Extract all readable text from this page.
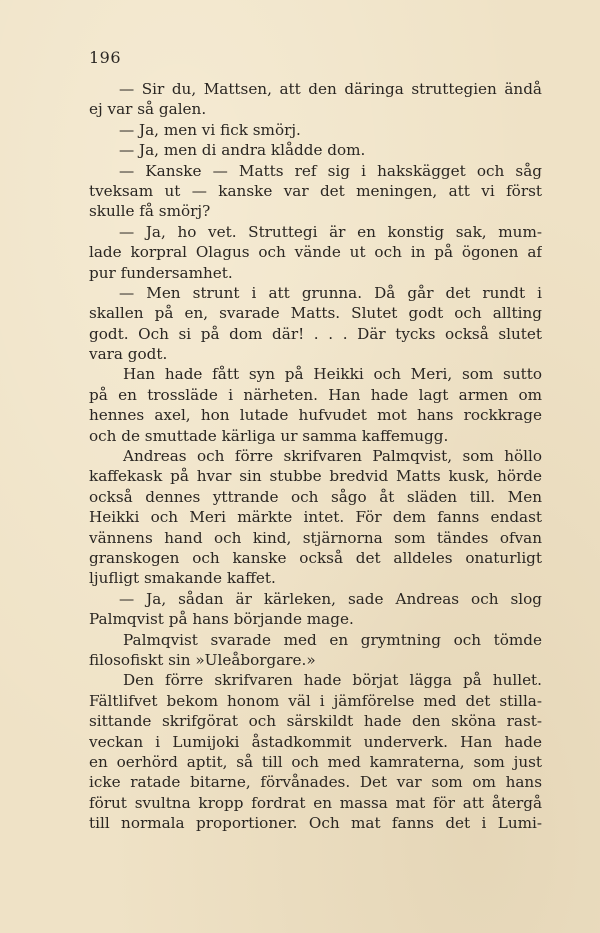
196
— Sir du, Mattsen, att den däringa struttegien ändå
ej var så galen.
— Ja, men vi fick smörj.
— Ja, men di andra klådde dom.
— Kanske — Matts ref sig i hakskägget och såg
tveksam ut — kanske var det meningen, att vi först
skulle få smörj?
— Ja, ho vet. Struttegi är en konstig sak, mum-
lade korpral Olagus och vände ut och in på ögonen af
pur fundersamhet.
— Men strunt i att grunna. Då går det rundt i
skallen på en, svarade Matts. Slutet godt och allting
godt. Och si på dom där! . . . Där tycks också slutet
vara godt.
Han hade fått syn på Heikki och Meri, som sutto
på en trossläde i närheten. Han hade lagt armen om
hennes axel, hon lutade hufvudet mot hans rockkrage
och de smuttade kärliga ur samma kaffemugg.
Andreas och förre skrifvaren Palmqvist, som höllo
kaffekask på hvar sin stubbe bredvid Matts kusk, hörde
också dennes yttrande och sågo åt släden till. Men
Heikki och Meri märkte intet. För dem fanns endast
vännens hand och kind, stjärnorna som tändes ofvan
granskogen och kanske också det alldeles onaturligt
ljufligt smakande kaffet.
— Ja, sådan är kärleken, sade Andreas och slog
Palmqvist på hans börjande mage.
Palmqvist svarade med en grymtning och tömde
filosofiskt sin »Uleåborgare.»
Den förre skrifvaren hade börjat lägga på hullet.
Fältlifvet bekom honom väl i jämförelse med det stilla-
sittande skrifgörat och särskildt hade den sköna rast-
veckan i Lumijoki åstadkommit underverk. Han hade
en oerhörd aptit, så till och med kamraterna, som just
icke ratade bitarne, förvånades. Det var som om hans
förut svultna kropp fordrat en massa mat för att återgå
till normala proportioner. Och mat fanns det i Lumi-
